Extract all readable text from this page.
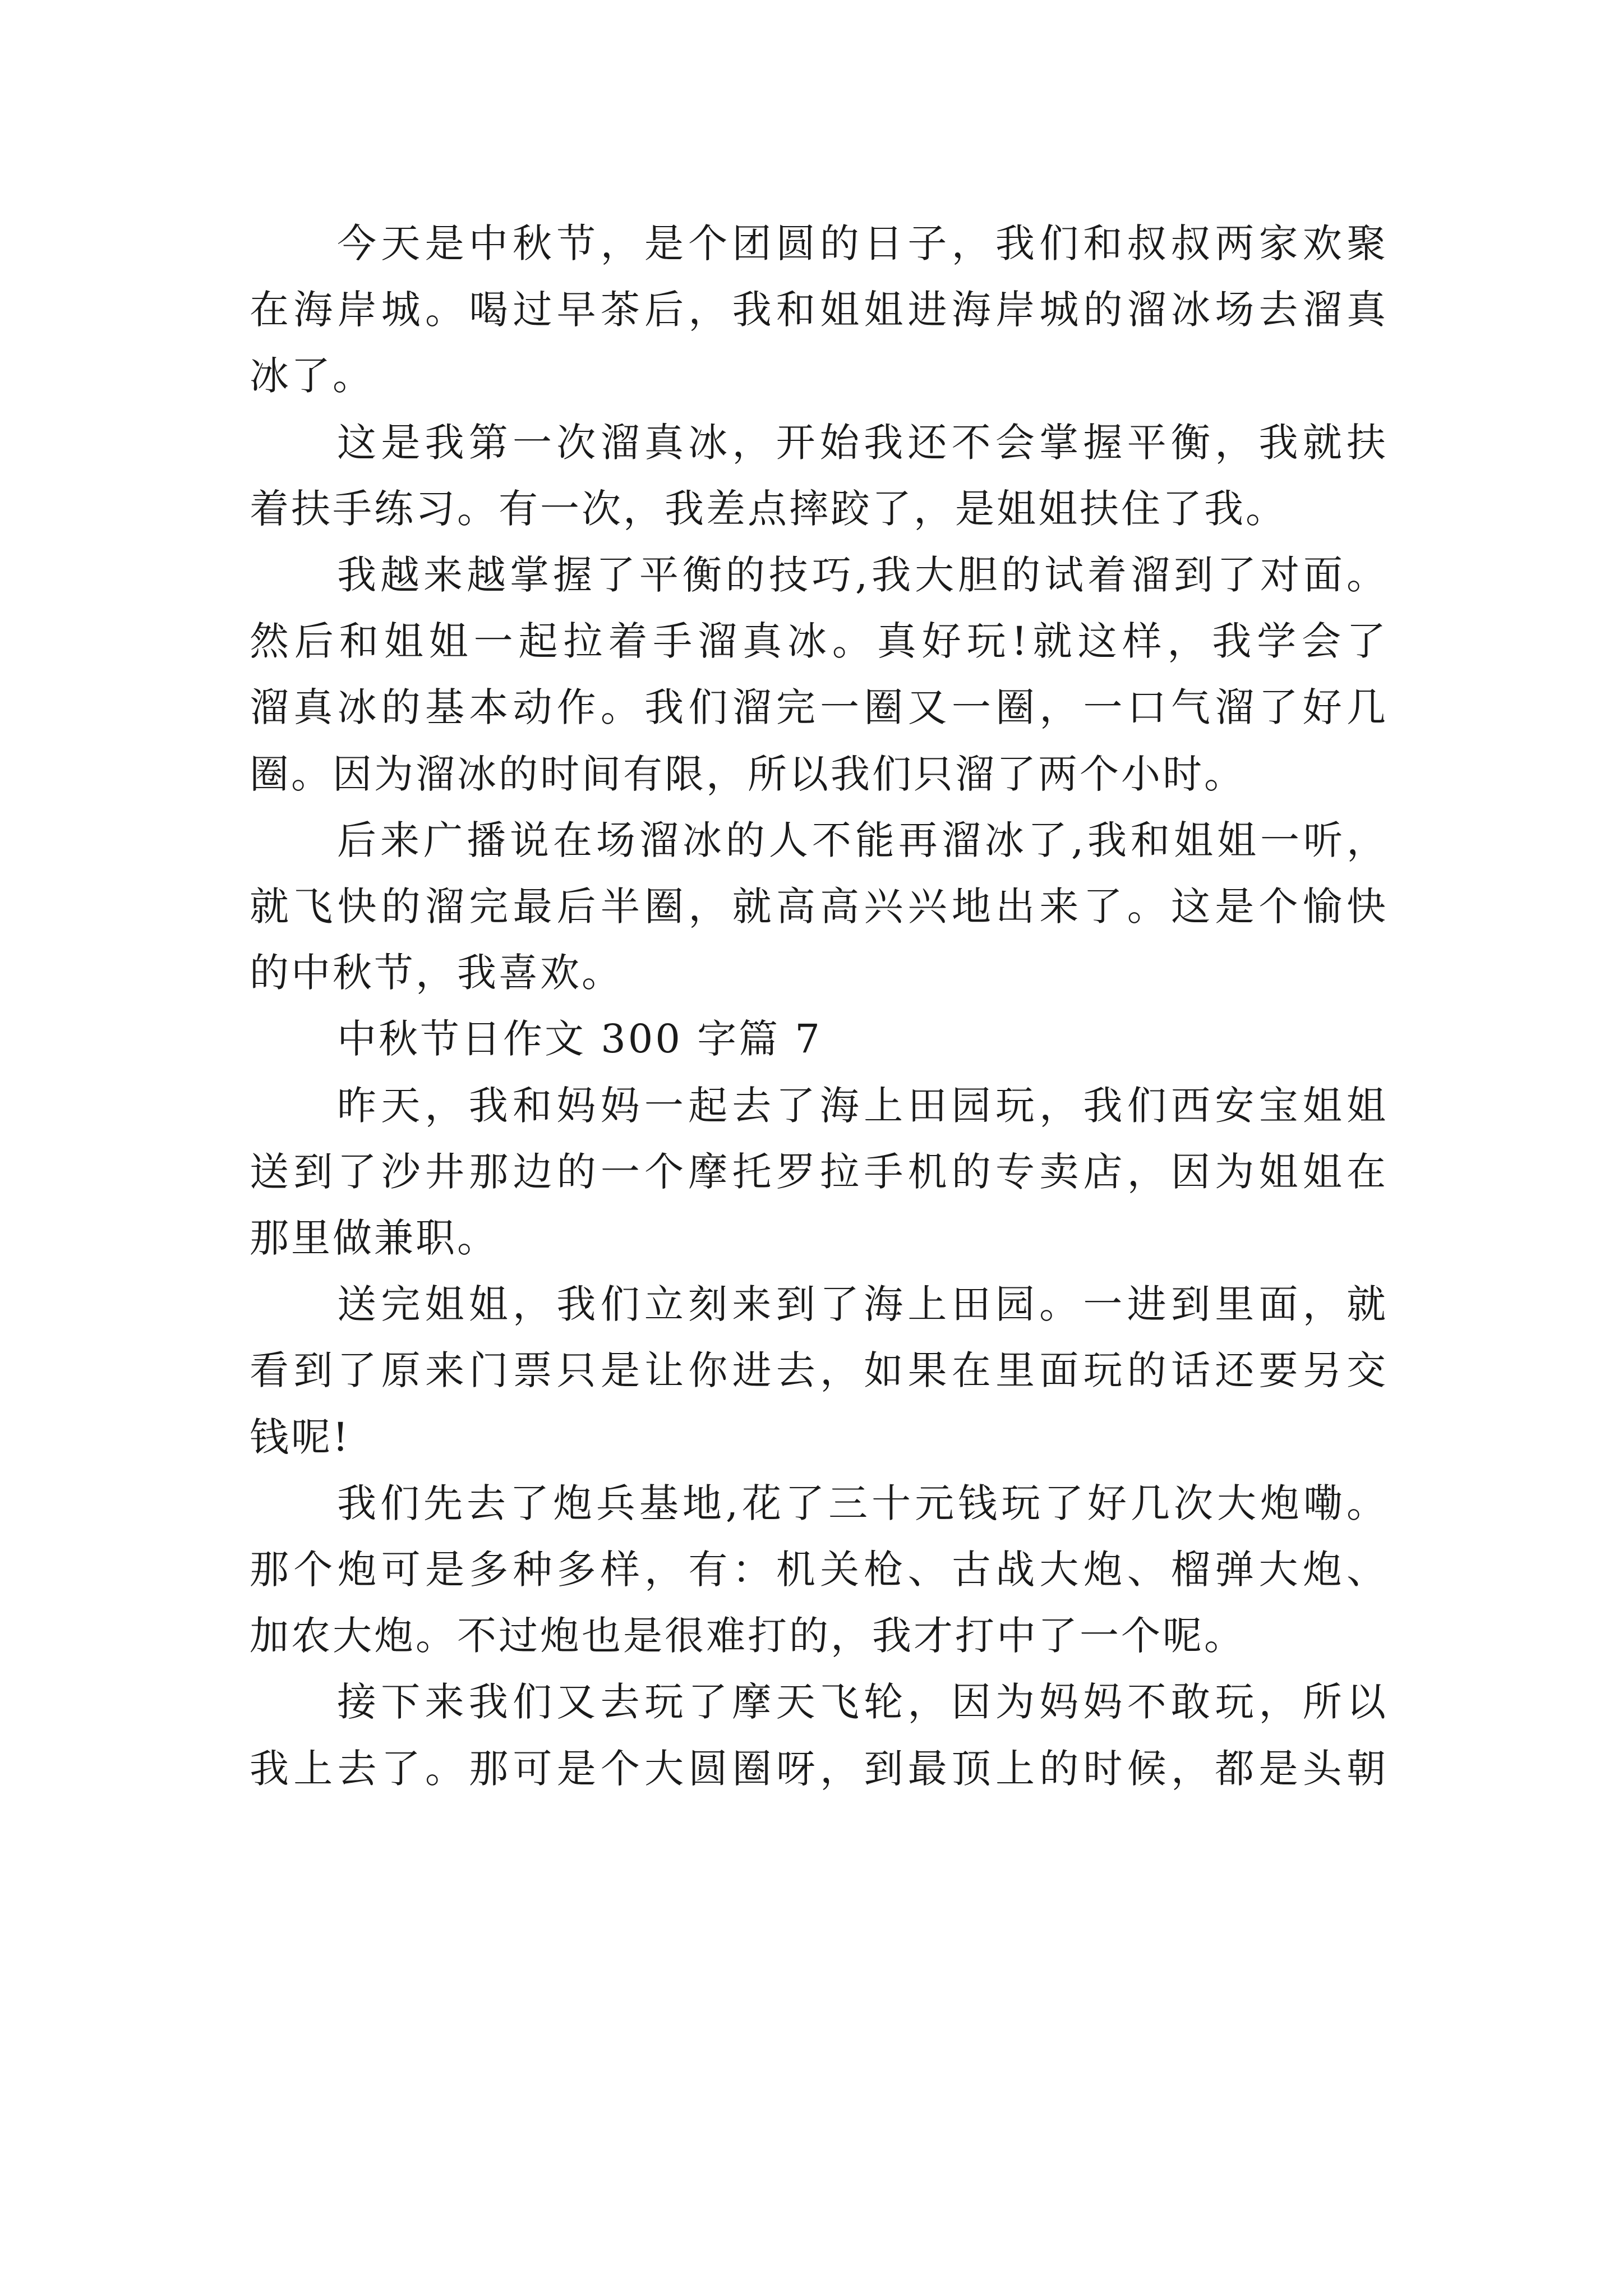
今天是中秋节，是个团圆的日子，我们和叔叔两家欢聚
在海岸城。喝过早茶后，我和姐姐进海岸城的溜冰场去溜真
冰了。
这是我第一次溜真冰，开始我还不会掌握平衡，我就扶
着扶手练习。有一次，我差点摔跤了，是姐姐扶住了我。
我越来越掌握了平衡的技巧,我大胆的试着溜到了对面。
然后和姐姐一起拉着手溜真冰。真好玩!就这样，我学会了
溜真冰的基本动作。我们溜完一圈又一圈，一口气溜了好几
圈。因为溜冰的时间有限，所以我们只溜了两个小时。
后来广播说在场溜冰的人不能再溜冰了,我和姐姐一听，
就飞快的溜完最后半圈，就高高兴兴地出来了。这是个愉快
的中秋节，我喜欢。
中秋节日作文 300 字篇 7
昨天，我和妈妈一起去了海上田园玩，我们西安宝姐姐
送到了沙井那边的一个摩托罗拉手机的专卖店，因为姐姐在
那里做兼职。
送完姐姐，我们立刻来到了海上田园。一进到里面，就
看到了原来门票只是让你进去，如果在里面玩的话还要另交
钱呢!
我们先去了炮兵基地,花了三十元钱玩了好几次大炮嘞。
那个炮可是多种多样，有：机关枪、古战大炮、榴弹大炮、
加农大炮。不过炮也是很难打的，我才打中了一个呢。
接下来我们又去玩了摩天飞轮，因为妈妈不敢玩，所以
我上去了。那可是个大圆圈呀，到最顶上的时候，都是头朝
